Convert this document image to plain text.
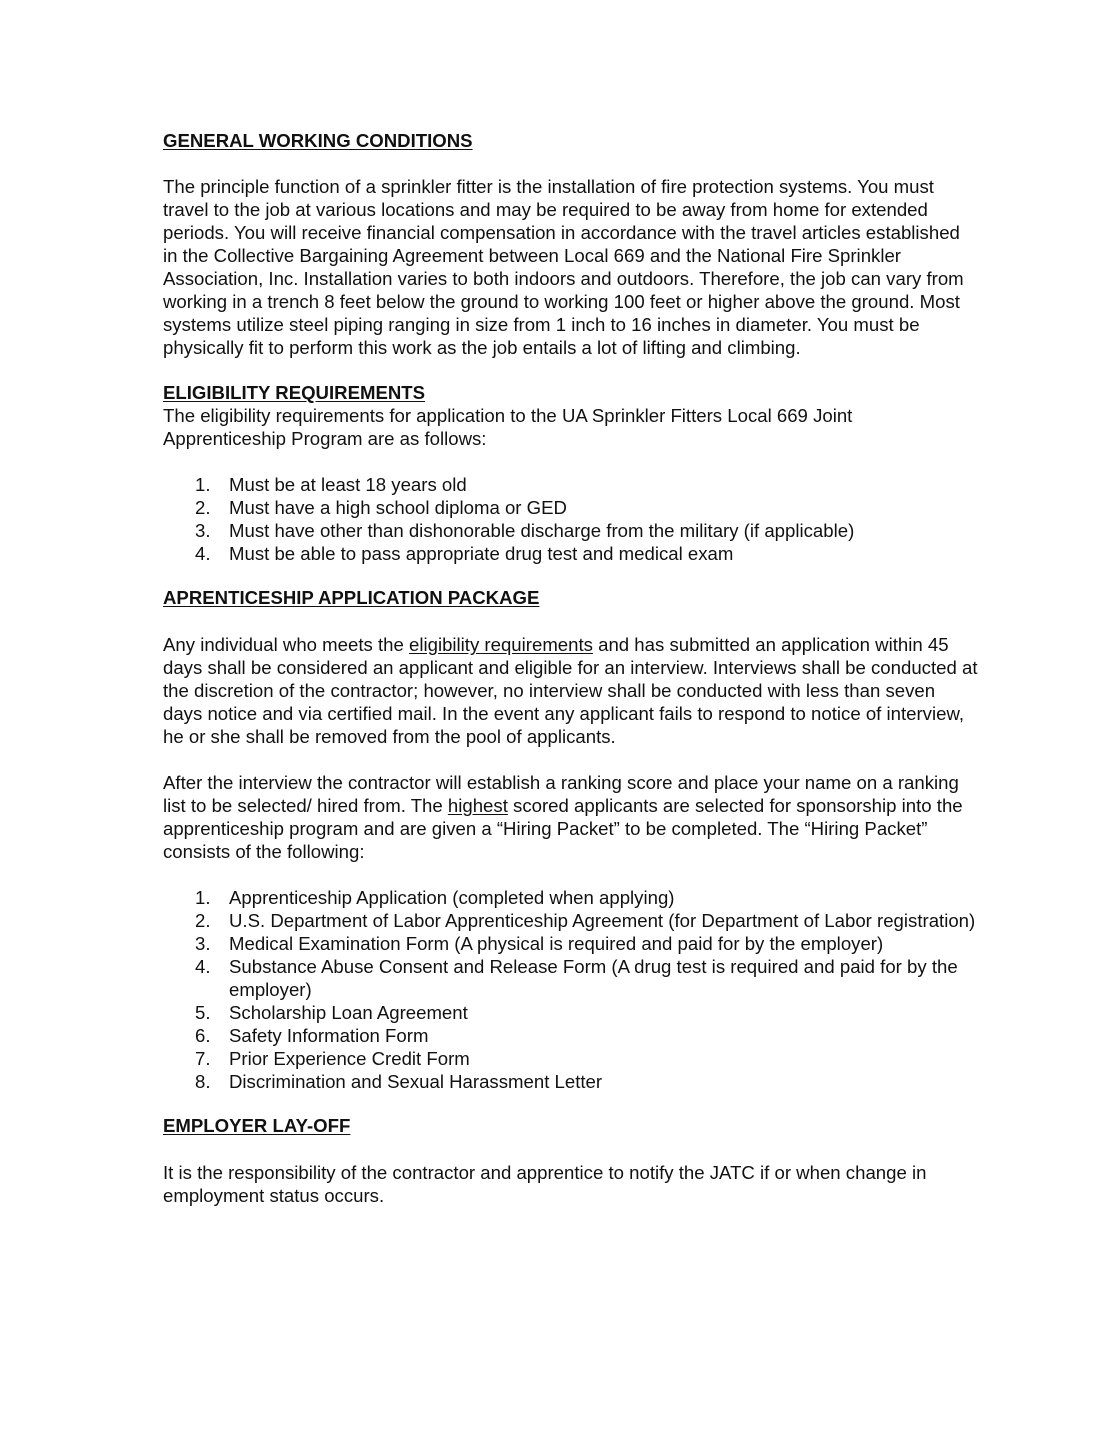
GENERAL WORKING CONDITIONS

The principle function of a sprinkler fitter is the installation of fire protection systems. You must travel to the job at various locations and may be required to be away from home for extended periods. You will receive financial compensation in accordance with the travel articles established in the Collective Bargaining Agreement between Local 669 and the National Fire Sprinkler Association, Inc. Installation varies to both indoors and outdoors. Therefore, the job can vary from working in a trench 8 feet below the ground to working 100 feet or higher above the ground. Most systems utilize steel piping ranging in size from 1 inch to 16 inches in diameter. You must be physically fit to perform this work as the job entails a lot of lifting and climbing.

ELIGIBILITY REQUIREMENTS

The eligibility requirements for application to the UA Sprinkler Fitters Local 669 Joint Apprenticeship Program are as follows:

1. Must be at least 18 years old
2. Must have a high school diploma or GED
3. Must have other than dishonorable discharge from the military (if applicable)
4. Must be able to pass appropriate drug test and medical exam

APRENTICESHIP APPLICATION PACKAGE

Any individual who meets the eligibility requirements and has submitted an application within 45 days shall be considered an applicant and eligible for an interview. Interviews shall be conducted at the discretion of the contractor; however, no interview shall be conducted with less than seven days notice and via certified mail. In the event any applicant fails to respond to notice of interview, he or she shall be removed from the pool of applicants.

After the interview the contractor will establish a ranking score and place your name on a ranking list to be selected/ hired from. The highest scored applicants are selected for sponsorship into the apprenticeship program and are given a “Hiring Packet” to be completed. The “Hiring Packet” consists of the following:

1. Apprenticeship Application (completed when applying)
2. U.S. Department of Labor Apprenticeship Agreement (for Department of Labor registration)
3. Medical Examination Form (A physical is required and paid for by the employer)
4. Substance Abuse Consent and Release Form (A drug test is required and paid for by the employer)
5. Scholarship Loan Agreement
6. Safety Information Form
7. Prior Experience Credit Form
8. Discrimination and Sexual Harassment Letter

EMPLOYER LAY-OFF

It is the responsibility of the contractor and apprentice to notify the JATC if or when change in employment status occurs.
